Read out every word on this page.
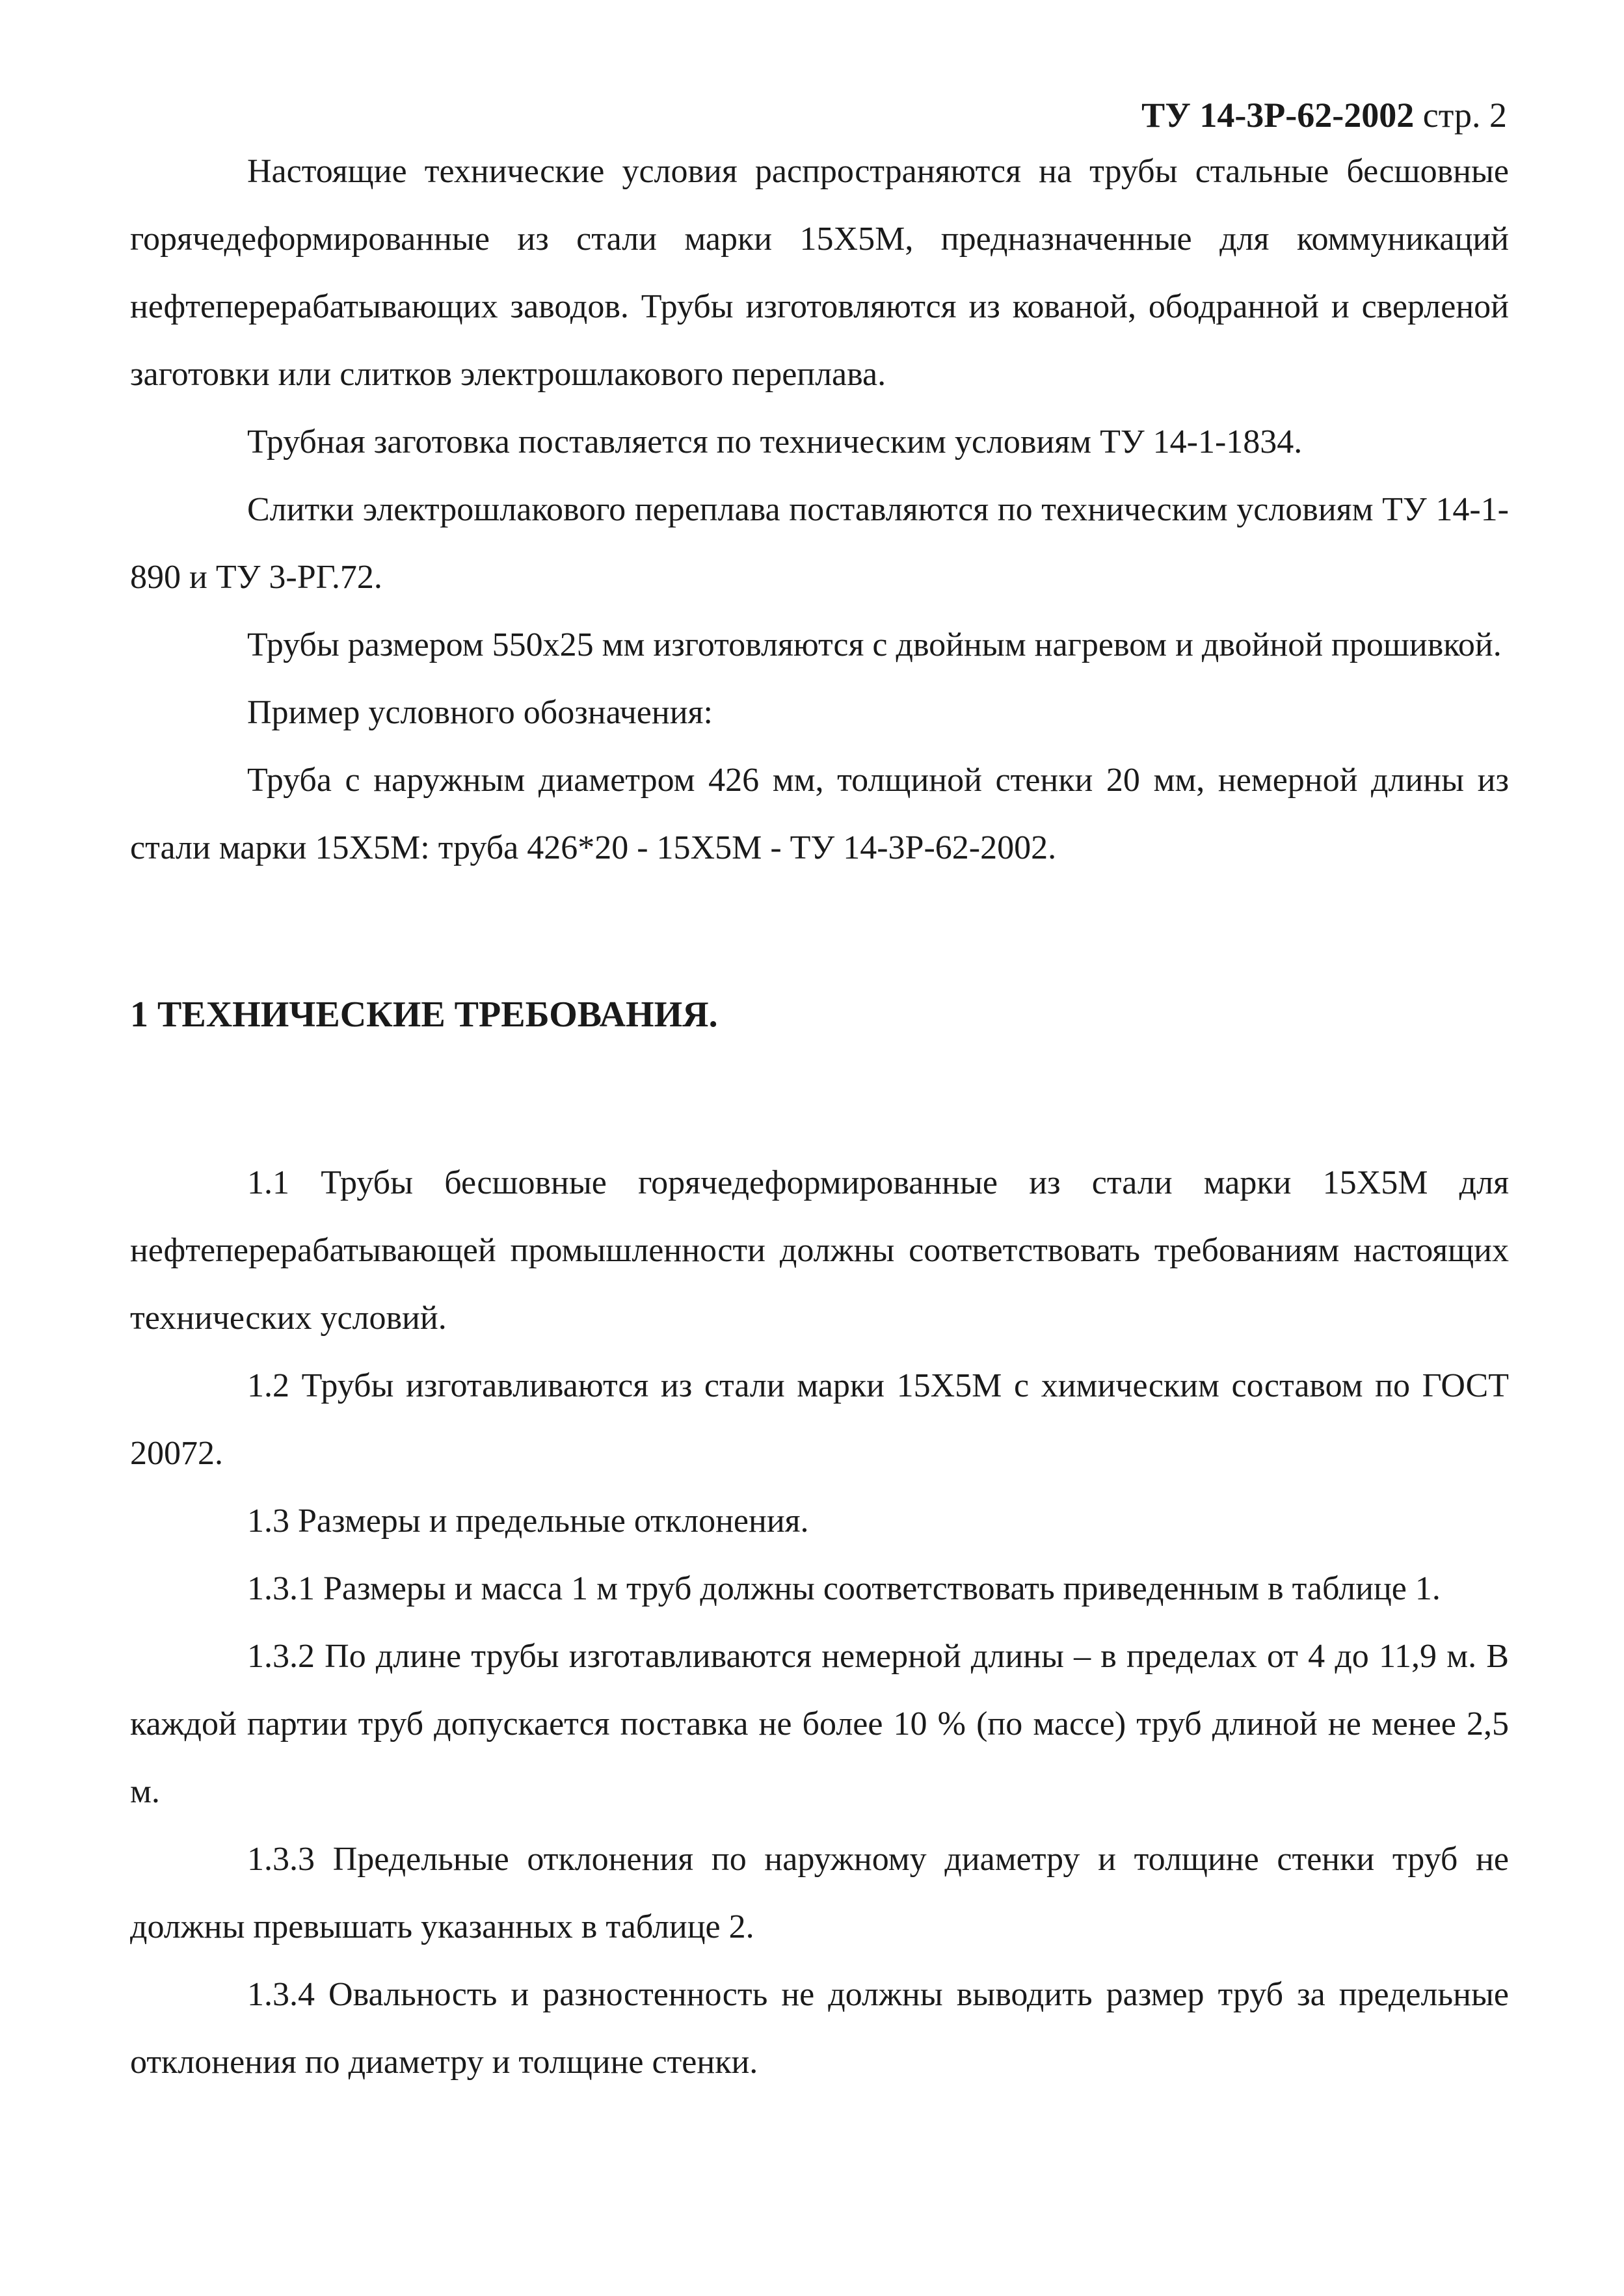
ТУ 14-3Р-62-2002 стр. 2

Настоящие технические условия распространяются на трубы стальные бесшовные горячедеформированные из стали марки 15Х5М, предназначенные для коммуникаций нефтеперерабатывающих заводов. Трубы изготовляются из кованой, ободранной и сверленой заготовки или слитков электрошлакового переплава.

Трубная заготовка поставляется по техническим условиям ТУ 14-1-1834.

Слитки электрошлакового переплава поставляются по техническим условиям ТУ 14-1-890 и ТУ 3-РГ.72.

Трубы размером 550х25 мм изготовляются с двойным нагревом и двойной прошивкой.

Пример условного обозначения:

Труба с наружным диаметром 426 мм, толщиной стенки 20 мм, немерной длины из стали марки 15Х5М: труба 426*20 - 15Х5М - ТУ 14-3Р-62-2002.

1 ТЕХНИЧЕСКИЕ ТРЕБОВАНИЯ.

1.1 Трубы бесшовные горячедеформированные из стали марки 15Х5М для нефтеперерабатывающей промышленности должны соответствовать требованиям настоящих технических условий.

1.2 Трубы изготавливаются из стали марки 15Х5М с химическим составом по ГОСТ 20072.

1.3 Размеры и предельные отклонения.

1.3.1 Размеры и масса 1 м труб должны соответствовать приведенным в таблице 1.

1.3.2 По длине трубы изготавливаются немерной длины – в пределах от 4 до 11,9 м. В каждой партии труб допускается поставка не более 10 % (по массе) труб длиной не менее 2,5 м.

1.3.3 Предельные отклонения по наружному диаметру и толщине стенки труб не должны превышать указанных в таблице 2.

1.3.4 Овальность и разностенность не должны выводить размер труб за предельные отклонения по диаметру и толщине стенки.
